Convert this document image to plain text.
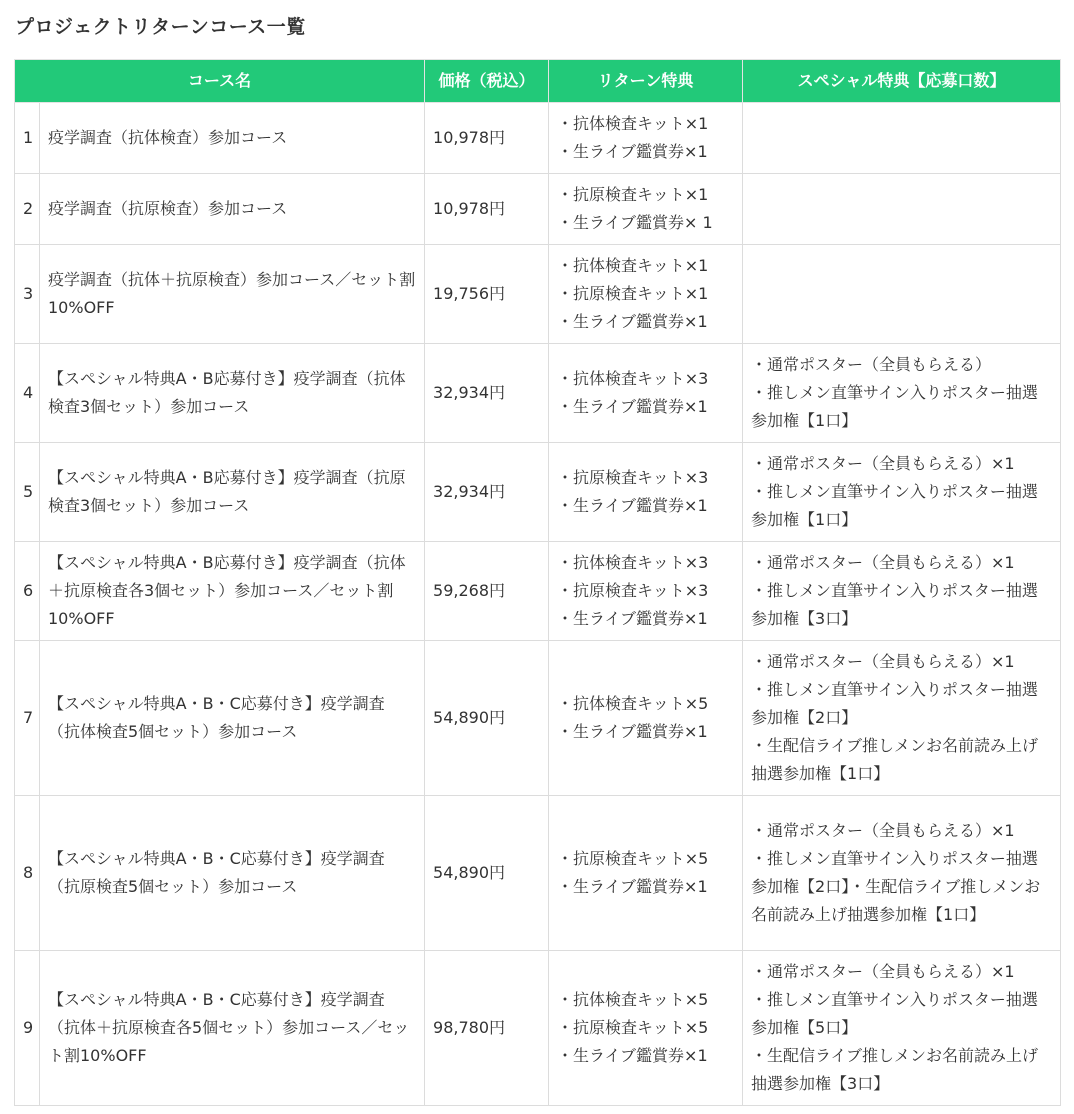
プロジェクトリターンコース一覧
コース名		価格（税込）	リターン特典	スペシャル特典【応募口数】
1	疫学調査（抗体検査）参加コース	10,978円	・抗体検査キット×1
・生ライブ鑑賞券×1	

2	疫学調査（抗原検査）参加コース	10,978円	・抗原検査キット×1
・生ライブ鑑賞券× 1	

3	疫学調査（抗体＋抗原検査）参加コース／セット割10%OFF	19,756円	・抗体検査キット×1
・抗原検査キット×1
・生ライブ鑑賞券×1	

4	【スペシャル特典A・B応募付き】疫学調査（抗体検査3個セット）参加コース	32,934円	・抗体検査キット×3
・生ライブ鑑賞券×1	・通常ポスター（全員もらえる）
・推しメン直筆サイン入りポスター抽選参加権【1口】

5	【スペシャル特典A・B応募付き】疫学調査（抗原検査3個セット）参加コース	32,934円	・抗原検査キット×3
・生ライブ鑑賞券×1	・通常ポスター（全員もらえる）×1
・推しメン直筆サイン入りポスター抽選参加権【1口】

6	【スペシャル特典A・B応募付き】疫学調査（抗体＋抗原検査各3個セット）参加コース／セット割10%OFF	59,268円	・抗体検査キット×3
・抗原検査キット×3
・生ライブ鑑賞券×1	・通常ポスター（全員もらえる）×1
・推しメン直筆サイン入りポスター抽選参加権【3口】

7	【スペシャル特典A・B・C応募付き】疫学調査（抗体検査5個セット）参加コース	54,890円	・抗体検査キット×5
・生ライブ鑑賞券×1	・通常ポスター（全員もらえる）×1
・推しメン直筆サイン入りポスター抽選参加権【2口】
・生配信ライブ推しメンお名前読み上げ抽選参加権【1口】

8	【スペシャル特典A・B・C応募付き】疫学調査（抗原検査5個セット）参加コース	54,890円	・抗原検査キット×5
・生ライブ鑑賞券×1	・通常ポスター（全員もらえる）×1
・推しメン直筆サイン入りポスター抽選参加権【2口】・生配信ライブ推しメンお名前読み上げ抽選参加権【1口】

9	【スペシャル特典A・B・C応募付き】疫学調査（抗体＋抗原検査各5個セット）参加コース／セット割10%OFF	98,780円	・抗体検査キット×5
・抗原検査キット×5
・生ライブ鑑賞券×1	・通常ポスター（全員もらえる）×1
・推しメン直筆サイン入りポスター抽選参加権【5口】
・生配信ライブ推しメンお名前読み上げ抽選参加権【3口】
